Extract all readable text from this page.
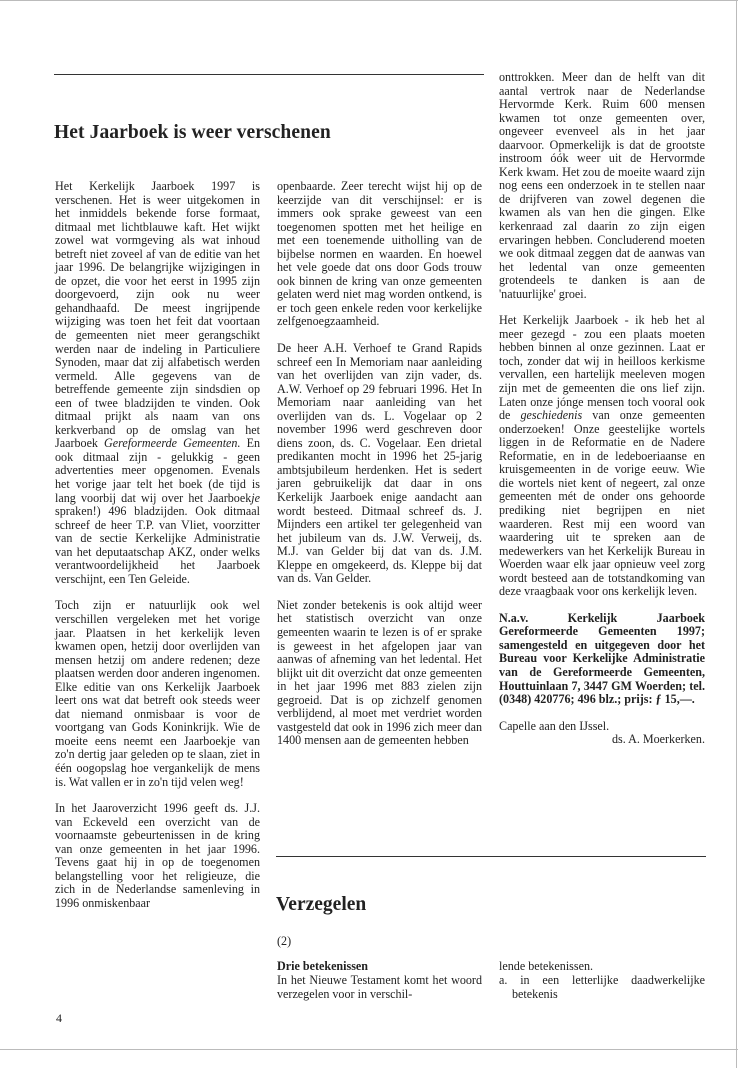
Het Jaarboek is weer verschenen

Het Kerkelijk Jaarboek 1997 is verschenen. Het is weer uitgekomen in het inmiddels bekende forse formaat, ditmaal met lichtblauwe kaft. Het wijkt zowel wat vormgeving als wat inhoud betreft niet zoveel af van de editie van het jaar 1996. De belangrijke wijzigingen in de opzet, die voor het eerst in 1995 zijn doorgevoerd, zijn ook nu weer gehandhaafd. De meest ingrijpende wijziging was toen het feit dat voortaan de gemeenten niet meer gerangschikt werden naar de indeling in Particuliere Synoden, maar dat zij alfabetisch werden vermeld. Alle gegevens van de betreffende gemeente zijn sindsdien op een of twee bladzijden te vinden. Ook ditmaal prijkt als naam van ons kerkverband op de omslag van het Jaarboek Gereformeerde Gemeenten. En ook ditmaal zijn - gelukkig - geen advertenties meer opgenomen. Evenals het vorige jaar telt het boek (de tijd is lang voorbij dat wij over het Jaarboekje spraken!) 496 bladzijden. Ook ditmaal schreef de heer T.P. van Vliet, voorzitter van de sectie Kerkelijke Administratie van het deputaatschap AKZ, onder welks verantwoordelijkheid het Jaarboek verschijnt, een Ten Geleide.

Toch zijn er natuurlijk ook wel verschillen vergeleken met het vorige jaar. Plaatsen in het kerkelijk leven kwamen open, hetzij door overlijden van mensen hetzij om andere redenen; deze plaatsen werden door anderen ingenomen. Elke editie van ons Kerkelijk Jaarboek leert ons wat dat betreft ook steeds weer dat niemand onmisbaar is voor de voortgang van Gods Koninkrijk. Wie de moeite eens neemt een Jaarboekje van zo'n dertig jaar geleden op te slaan, ziet in één oogopslag hoe vergankelijk de mens is. Wat vallen er in zo'n tijd velen weg!

In het Jaaroverzicht 1996 geeft ds. J.J. van Eckeveld een overzicht van de voornaamste gebeurtenissen in de kring van onze gemeenten in het jaar 1996. Tevens gaat hij in op de toegenomen belangstelling voor het religieuze, die zich in de Nederlandse samenleving in 1996 onmiskenbaar

openbaarde. Zeer terecht wijst hij op de keerzijde van dit verschijnsel: er is immers ook sprake geweest van een toegenomen spotten met het heilige en met een toenemende uitholling van de bijbelse normen en waarden. En hoewel het vele goede dat ons door Gods trouw ook binnen de kring van onze gemeenten gelaten werd niet mag worden ontkend, is er toch geen enkele reden voor kerkelijke zelfgenoegzaamheid.

De heer A.H. Verhoef te Grand Rapids schreef een In Memoriam naar aanleiding van het overlijden van zijn vader, ds. A.W. Verhoef op 29 februari 1996. Het In Memoriam naar aanleiding van het overlijden van ds. L. Vogelaar op 2 november 1996 werd geschreven door diens zoon, ds. C. Vogelaar. Een drietal predikanten mocht in 1996 het 25-jarig ambtsjubileum herdenken. Het is sedert jaren gebruikelijk dat daar in ons Kerkelijk Jaarboek enige aandacht aan wordt besteed. Ditmaal schreef ds. J. Mijnders een artikel ter gelegenheid van het jubileum van ds. J.W. Verweij, ds. M.J. van Gelder bij dat van ds. J.M. Kleppe en omgekeerd, ds. Kleppe bij dat van ds. Van Gelder.

Niet zonder betekenis is ook altijd weer het statistisch overzicht van onze gemeenten waarin te lezen is of er sprake is geweest in het afgelopen jaar van aanwas of afneming van het ledental. Het blijkt uit dit overzicht dat onze gemeenten in het jaar 1996 met 883 zielen zijn gegroeid. Dat is op zichzelf genomen verblijdend, al moet met verdriet worden vastgesteld dat ook in 1996 zich meer dan 1400 mensen aan de gemeenten hebben

onttrokken. Meer dan de helft van dit aantal vertrok naar de Nederlandse Hervormde Kerk. Ruim 600 mensen kwamen tot onze gemeenten over, ongeveer evenveel als in het jaar daarvoor. Opmerkelijk is dat de grootste instroom óók weer uit de Hervormde Kerk kwam. Het zou de moeite waard zijn nog eens een onderzoek in te stellen naar de drijfveren van zowel degenen die kwamen als van hen die gingen. Elke kerkenraad zal daarin zo zijn eigen ervaringen hebben. Concluderend moeten we ook ditmaal zeggen dat de aanwas van het ledental van onze gemeenten grotendeels te danken is aan de 'natuurlijke' groei.

Het Kerkelijk Jaarboek - ik heb het al meer gezegd - zou een plaats moeten hebben binnen al onze gezinnen. Laat er toch, zonder dat wij in heilloos kerkisme vervallen, een hartelijk meeleven mogen zijn met de gemeenten die ons lief zijn. Laten onze jónge mensen toch vooral ook de geschiedenis van onze gemeenten onderzoeken! Onze geestelijke wortels liggen in de Reformatie en de Nadere Reformatie, en in de ledeboeriaanse en kruisgemeenten in de vorige eeuw. Wie die wortels niet kent of negeert, zal onze gemeenten mét de onder ons gehoorde prediking niet begrijpen en niet waarderen. Rest mij een woord van waardering uit te spreken aan de medewerkers van het Kerkelijk Bureau in Woerden waar elk jaar opnieuw veel zorg wordt besteed aan de totstandkoming van deze vraagbaak voor ons kerkelijk leven.

N.a.v. Kerkelijk Jaarboek Gereformeerde Gemeenten 1997; samengesteld en uitgegeven door het Bureau voor Kerkelijke Administratie van de Gereformeerde Gemeenten, Houttuinlaan 7, 3447 GM Woerden; tel. (0348) 420776; 496 blz.; prijs: ƒ 15,—.

Capelle aan den IJssel.
ds. A. Moerkerken.
Verzegelen
(2)
Drie betekenissen
In het Nieuwe Testament komt het woord verzegelen voor in verschil-
lende betekenissen.
a. in een letterlijke daadwerkelijke
betekenis
4
